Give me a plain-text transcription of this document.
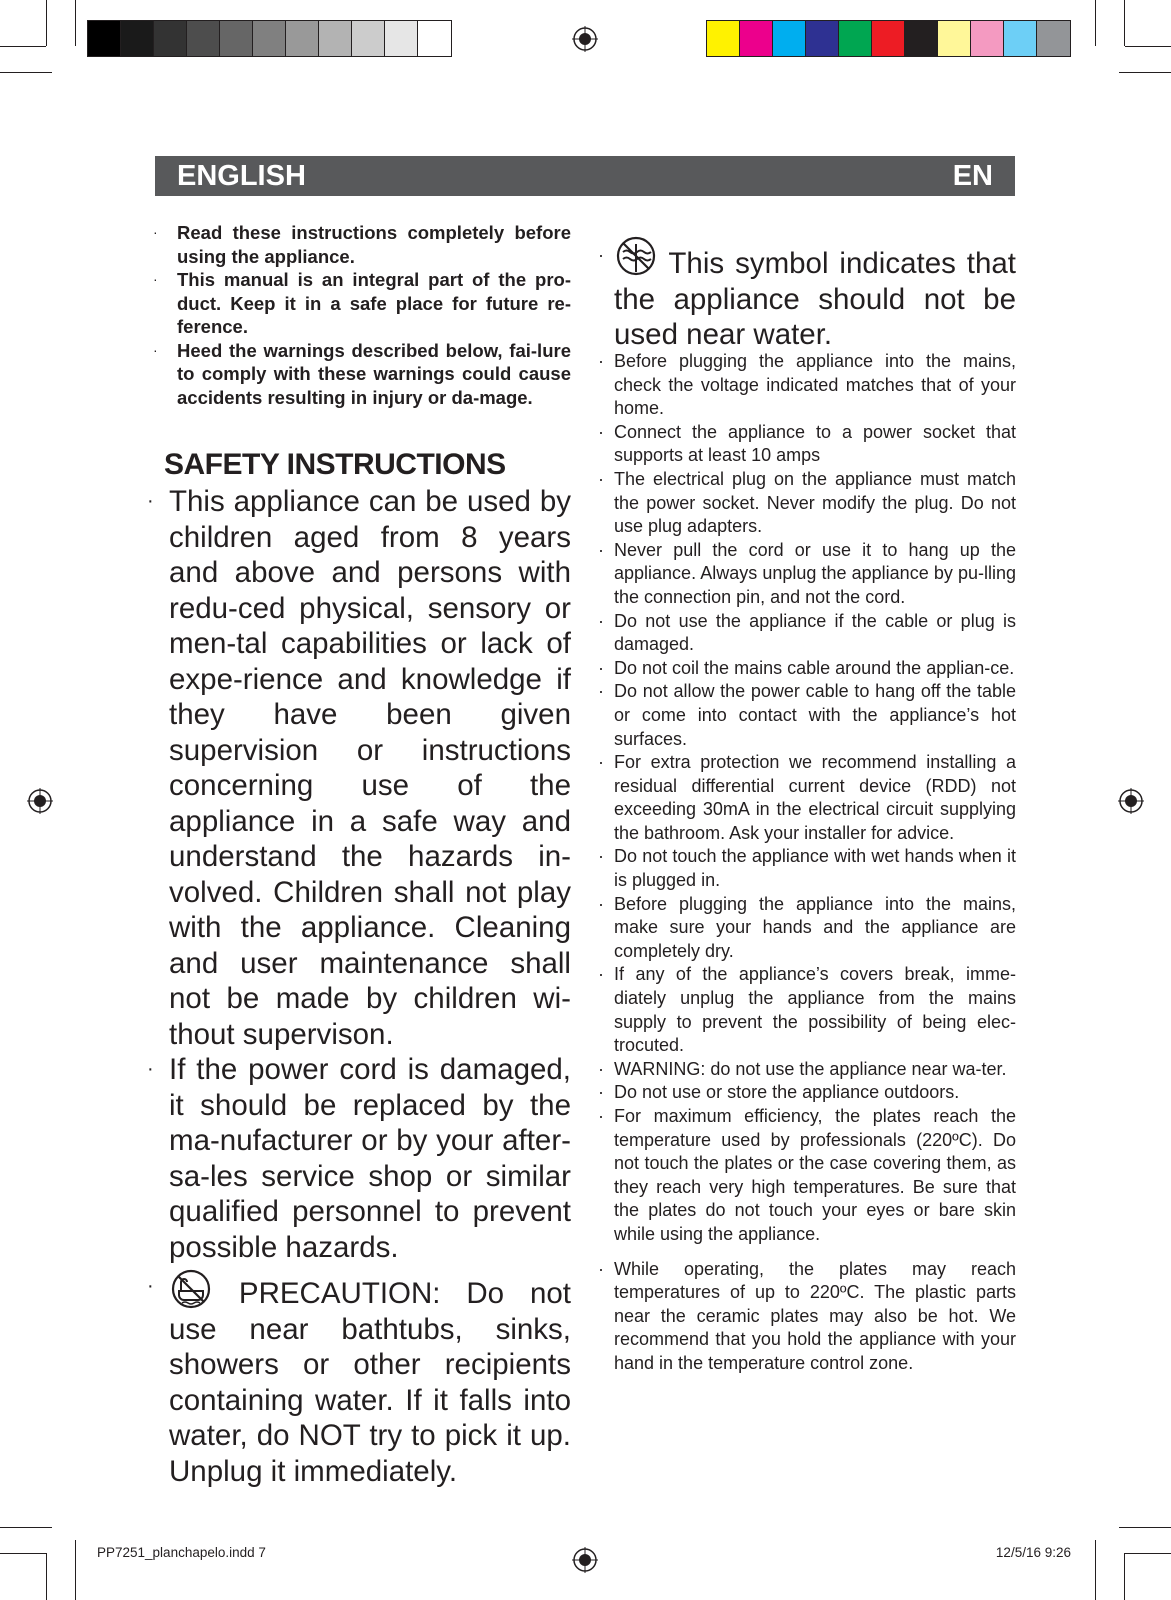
ENGLISH	EN
· Read these instructions completely before using the appliance.
· This manual is an integral part of the pro-duct. Keep it in a safe place for future re-ference.
· Heed the warnings described below, fai-lure to comply with these warnings could cause accidents resulting in injury or da-mage.
SAFETY INSTRUCTIONS
· This appliance can be used by children aged from 8 years and above and persons with redu-ced physical, sensory or men-tal capabilities or lack of expe-rience and knowledge if they have been given supervision or instructions concerning use of the appliance in a safe way and understand the hazards in-volved. Children shall not play with the appliance. Cleaning and user maintenance shall not be made by children wi-thout supervison.
· If the power cord is damaged, it should be replaced by the ma-nufacturer or by your after-sa-les service shop or similar qualified personnel to prevent possible hazards.
· PRECAUTION: Do not use near bathtubs, sinks, showers or other recipients containing water. If it falls into water, do NOT try to pick it up. Unplug it immediately.
· This symbol indicates that the appliance should not be used near water.
· Before plugging the appliance into the mains, check the voltage indicated matches that of your home.
· Connect the appliance to a power socket that supports at least 10 amps
· The electrical plug on the appliance must match the power socket. Never modify the plug. Do not use plug adapters.
· Never pull the cord or use it to hang up the appliance. Always unplug the appliance by pu-lling the connection pin, and not the cord.
· Do not use the appliance if the cable or plug is damaged.
· Do not coil the mains cable around the applian-ce.
· Do not allow the power cable to hang off the table or come into contact with the appliance’s hot surfaces.
· For extra protection we recommend installing a residual differential current device (RDD) not exceeding 30mA in the electrical circuit supplying the bathroom. Ask your installer for advice.
· Do not touch the appliance with wet hands when it is plugged in.
· Before plugging the appliance into the mains, make sure your hands and the appliance are completely dry.
· If any of the appliance’s covers break, imme-diately unplug the appliance from the mains supply to prevent the possibility of being elec-trocuted.
· WARNING: do not use the appliance near wa-ter.
· Do not use or store the appliance outdoors.
· For maximum efficiency, the plates reach the temperature used by professionals (220ºC). Do not touch the plates or the case covering them, as they reach very high temperatures. Be sure that the plates do not touch your eyes or bare skin while using the appliance.
· While operating, the plates may reach temperatures of up to 220ºC. The plastic parts near the ceramic plates may also be hot. We recommend that you hold the appliance with your hand in the temperature control zone.
PP7251_planchapelo.indd 7	12/5/16 9:26
